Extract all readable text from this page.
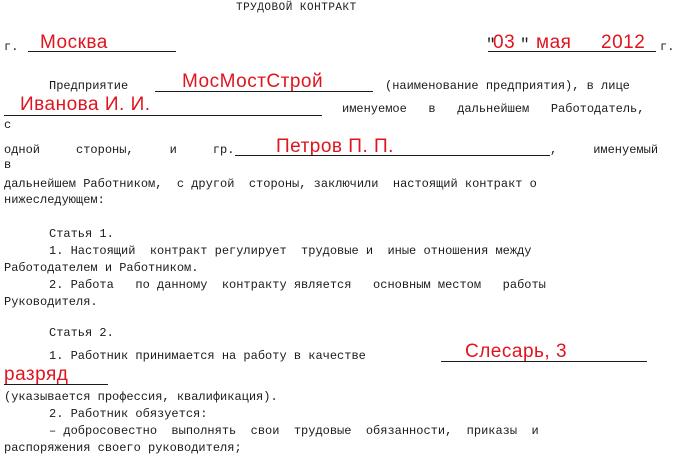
ТРУДОВОЙ КОНТРАКТ
г. Москва	"
03 " мая 2012 г.
Предприятие	МосМостСтрой	(наименование предприятия), в лице
Иванова И. И.	именуемое   в   дальнейшем   Работодатель,
с
одной     стороны,     и     гр. Петров П. П.	,     именуемый
в
дальнейшем Работником,  с другой  стороны, заключили  настоящий контракт о
нижеследующем:
Статья 1.
1. Настоящий  контракт регулирует  трудовые и  иные отношения между
Работодателем и Работником.
2. Работа   по данному  контракту является   основным местом   работы
Руководителя.
Статья 2.
1. Работник принимается на работу в качестве	Слесарь, 3
разряд
(указывается профессия, квалификация).
2. Работник обязуется:
– добросовестно  выполнять  свои  трудовые  обязанности,  приказы  и
распоряжения своего руководителя;
